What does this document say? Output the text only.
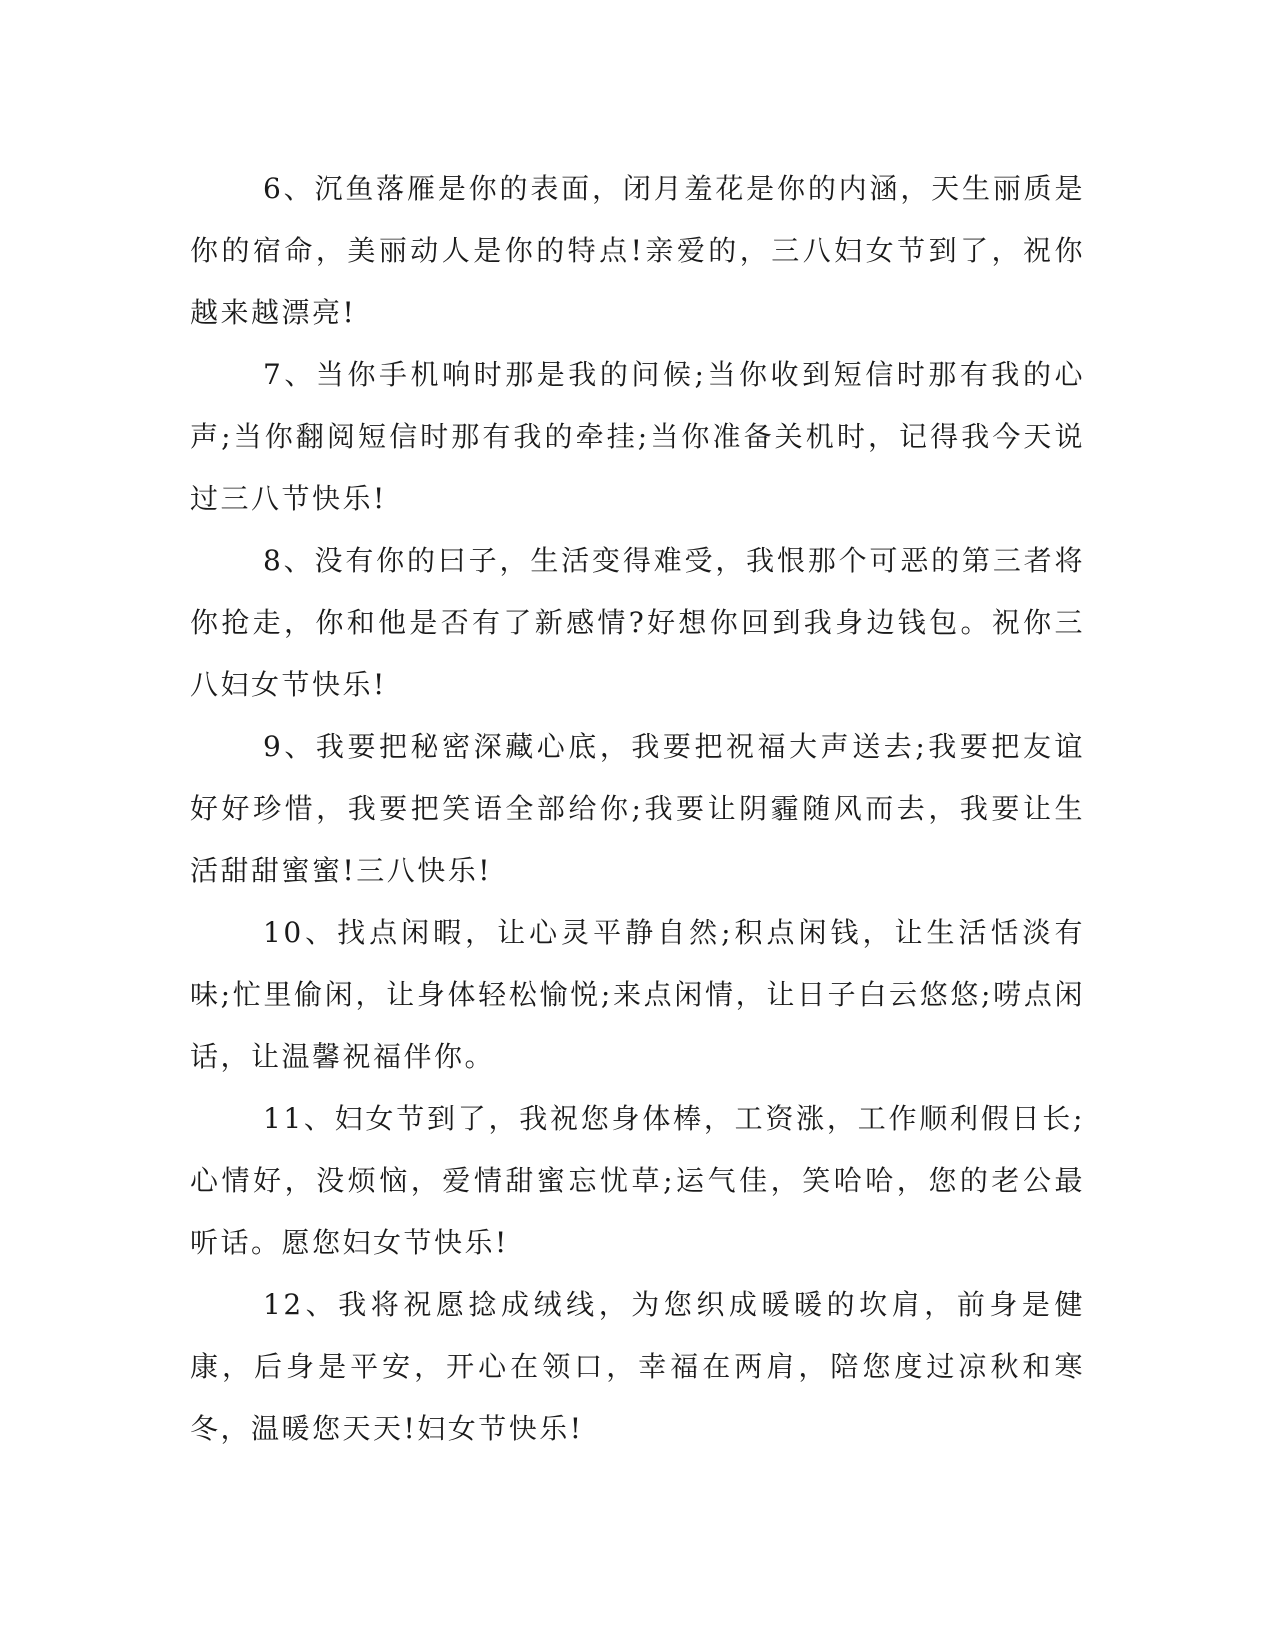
6、沉鱼落雁是你的表面，闭月羞花是你的内涵，天生丽质是你的宿命，美丽动人是你的特点!亲爱的，三八妇女节到了，祝你越来越漂亮!

7、当你手机响时那是我的问候;当你收到短信时那有我的心声;当你翻阅短信时那有我的牵挂;当你准备关机时，记得我今天说过三八节快乐!

8、没有你的曰子，生活变得难受，我恨那个可恶的第三者将你抢走，你和他是否有了新感情?好想你回到我身边钱包。祝你三八妇女节快乐!

9、我要把秘密深藏心底，我要把祝福大声送去;我要把友谊好好珍惜，我要把笑语全部给你;我要让阴霾随风而去，我要让生活甜甜蜜蜜!三八快乐!

10、找点闲暇，让心灵平静自然;积点闲钱，让生活恬淡有味;忙里偷闲，让身体轻松愉悦;来点闲情，让日子白云悠悠;唠点闲话，让温馨祝福伴你。

11、妇女节到了，我祝您身体棒，工资涨，工作顺利假日长;心情好，没烦恼，爱情甜蜜忘忧草;运气佳，笑哈哈，您的老公最听话。愿您妇女节快乐!

12、我将祝愿捻成绒线，为您织成暖暖的坎肩，前身是健康，后身是平安，开心在领口，幸福在两肩，陪您度过凉秋和寒冬，温暖您天天!妇女节快乐!
